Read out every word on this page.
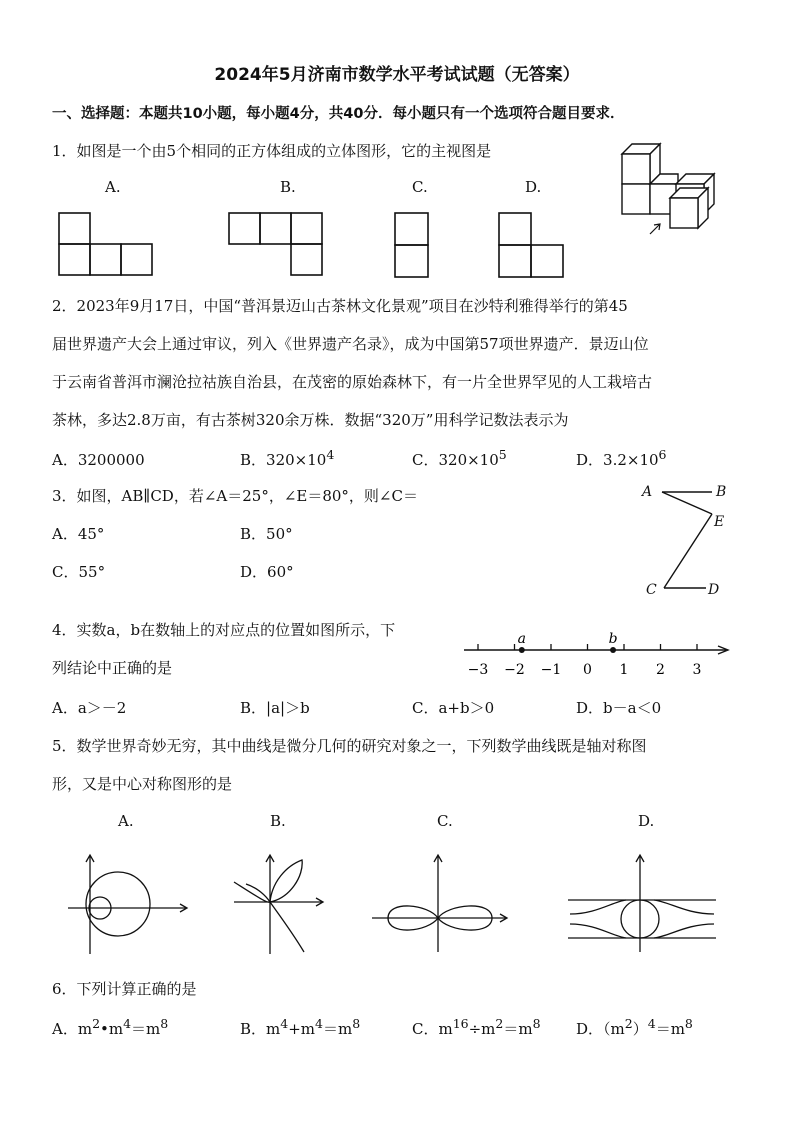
2024年5月济南市数学水平考试试题（无答案）
一、选择题：本题共10小题，每小题4分，共40分．每小题只有一个选项符合题目要求．
1．如图是一个由5个相同的正方体组成的立体图形，它的主视图是
A.	B.	C.	D.
2．2023年9月17日，中国“普洱景迈山古茶林文化景观”项目在沙特利雅得举行的第45
届世界遗产大会上通过审议，列入《世界遗产名录》，成为中国第57项世界遗产．景迈山位
于云南省普洱市澜沧拉祜族自治县，在茂密的原始森林下，有一片全世界罕见的人工栽培古
茶林，多达2.8万亩，有古茶树320余万株．数据“320万”用科学记数法表示为
A．3200000	B．$320\times 10^4$	C．$320\times 10^5$	D．$3.2\times 10^6$
3．如图，AB∥CD，若∠A＝25°，∠E＝80°，则∠C＝
A．45°	B．50°
C．55°	D．60°
A	B
E
C	D
4．实数a，b在数轴上的对应点的位置如图所示，下
列结论中正确的是	−3 −2 −1 0 1 2 3
a	b
A．a＞－2	B．|a|＞b	C．a+b＞0	D．b－a＜0
5．数学世界奇妙无穷，其中曲线是微分几何的研究对象之一，下列数学曲线既是轴对称图
形，又是中心对称图形的是
A.	B.	C.	D.
6．下列计算正确的是
A．$m^2•m^4=m^8$	B．$m^4+m^4=m^8$	C．$m^{16}\div m^2=m^8$ D．$(m^2)^4=m^8$
